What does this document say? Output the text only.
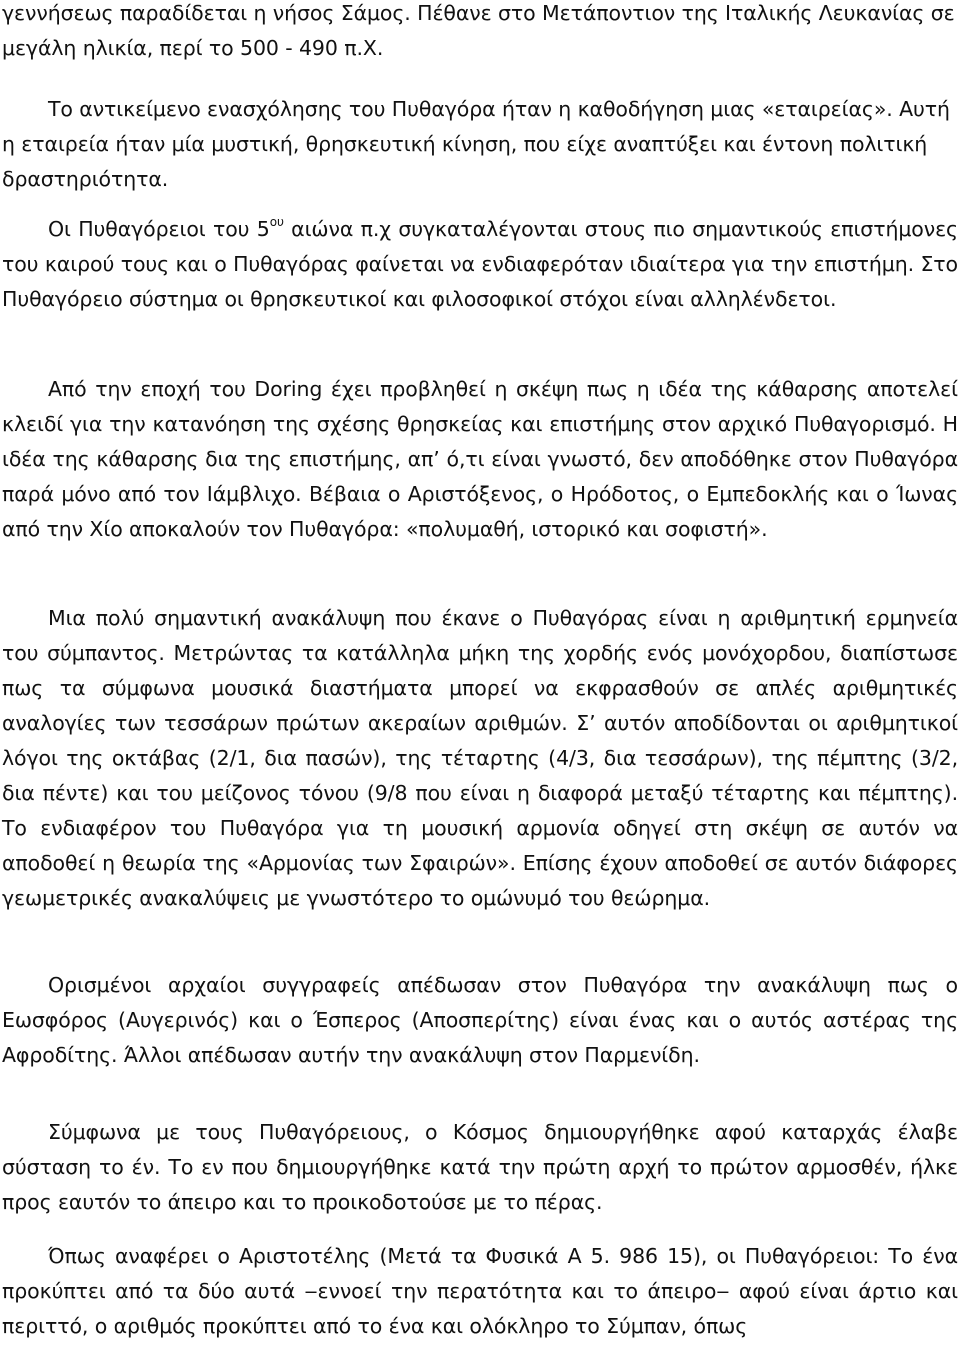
γεννήσεως παραδίδεται η νήσος Σάμος. Πέθανε στο Μετάποντιον της Ιταλικής Λευκανίας σε μεγάλη ηλικία, περί το 500 - 490 π.Χ.

Το αντικείμενο ενασχόλησης του Πυθαγόρα ήταν η καθοδήγηση μιας «εταιρείας». Αυτή η εταιρεία ήταν μία μυστική, θρησκευτική κίνηση, που είχε αναπτύξει και έντονη πολιτική δραστηριότητα.

Οι Πυθαγόρειοι του $5^{o\upsilon}$ αιώνα π.χ συγκαταλέγονται στους πιο σημαντικούς επιστήμονες του καιρού τους και ο Πυθαγόρας φαίνεται να ενδιαφερόταν ιδιαίτερα για την επιστήμη. Στο Πυθαγόρειο σύστημα οι θρησκευτικοί και φιλοσοφικοί στόχοι είναι αλληλένδετοι.

Από την εποχή του Doring έχει προβληθεί η σκέψη πως η ιδέα της κάθαρσης αποτελεί κλειδί για την κατανόηση της σχέσης θρησκείας και επιστήμης στον αρχικό Πυθαγορισμό. Η ιδέα της κάθαρσης δια της επιστήμης, απ’ ό,τι είναι γνωστό, δεν αποδόθηκε στον Πυθαγόρα παρά μόνο από τον Ιάμβλιχο. Βέβαια ο Αριστόξενος, ο Ηρόδοτος, ο Εμπεδοκλής και ο Ίωνας από την Χίο αποκαλούν τον Πυθαγόρα: «πολυμαθή, ιστορικό και σοφιστή».

Μια πολύ σημαντική ανακάλυψη που έκανε ο Πυθαγόρας είναι η αριθμητική ερμηνεία του σύμπαντος. Μετρώντας τα κατάλληλα μήκη της χορδής ενός μονόχορδου, διαπίστωσε πως τα σύμφωνα μουσικά διαστήματα μπορεί να εκφρασθούν σε απλές αριθμητικές αναλογίες των τεσσάρων πρώτων ακεραίων αριθμών. Σ’ αυτόν αποδίδονται οι αριθμητικοί λόγοι της οκτάβας (2/1, δια πασών), της τέταρτης (4/3, δια τεσσάρων), της πέμπτης (3/2, δια πέντε) και του μείζονος τόνου (9/8 που είναι η διαφορά μεταξύ τέταρτης και πέμπτης). Το ενδιαφέρον του Πυθαγόρα για τη μουσική αρμονία οδηγεί στη σκέψη σε αυτόν να αποδοθεί η θεωρία της «Αρμονίας των Σφαιρών». Επίσης έχουν αποδοθεί σε αυτόν διάφορες γεωμετρικές ανακαλύψεις με γνωστότερο το ομώνυμό του θεώρημα.

Ορισμένοι αρχαίοι συγγραφείς απέδωσαν στον Πυθαγόρα την ανακάλυψη πως ο Εωσφόρος (Αυγερινός) και ο Έσπερος (Αποσπερίτης) είναι ένας και ο αυτός αστέρας της Αφροδίτης. Άλλοι απέδωσαν αυτήν την ανακάλυψη στον Παρμενίδη.

Σύμφωνα με τους Πυθαγόρειους, ο Κόσμος δημιουργήθηκε αφού καταρχάς έλαβε σύσταση το έν. Το εν που δημιουργήθηκε κατά την πρώτη αρχή το πρώτον αρμοσθέν, ήλκε προς εαυτόν το άπειρο και το προικοδοτούσε με το πέρας.

Όπως αναφέρει ο Αριστοτέλης (Μετά τα Φυσικά Α 5. 986 15), οι Πυθαγόρειοι: Το ένα προκύπτει από τα δύο αυτά ‒εννοεί την περατότητα και το άπειρο‒ αφού είναι άρτιο και περιττό, ο αριθμός προκύπτει από το ένα και ολόκληρο το Σύμπαν, όπως
